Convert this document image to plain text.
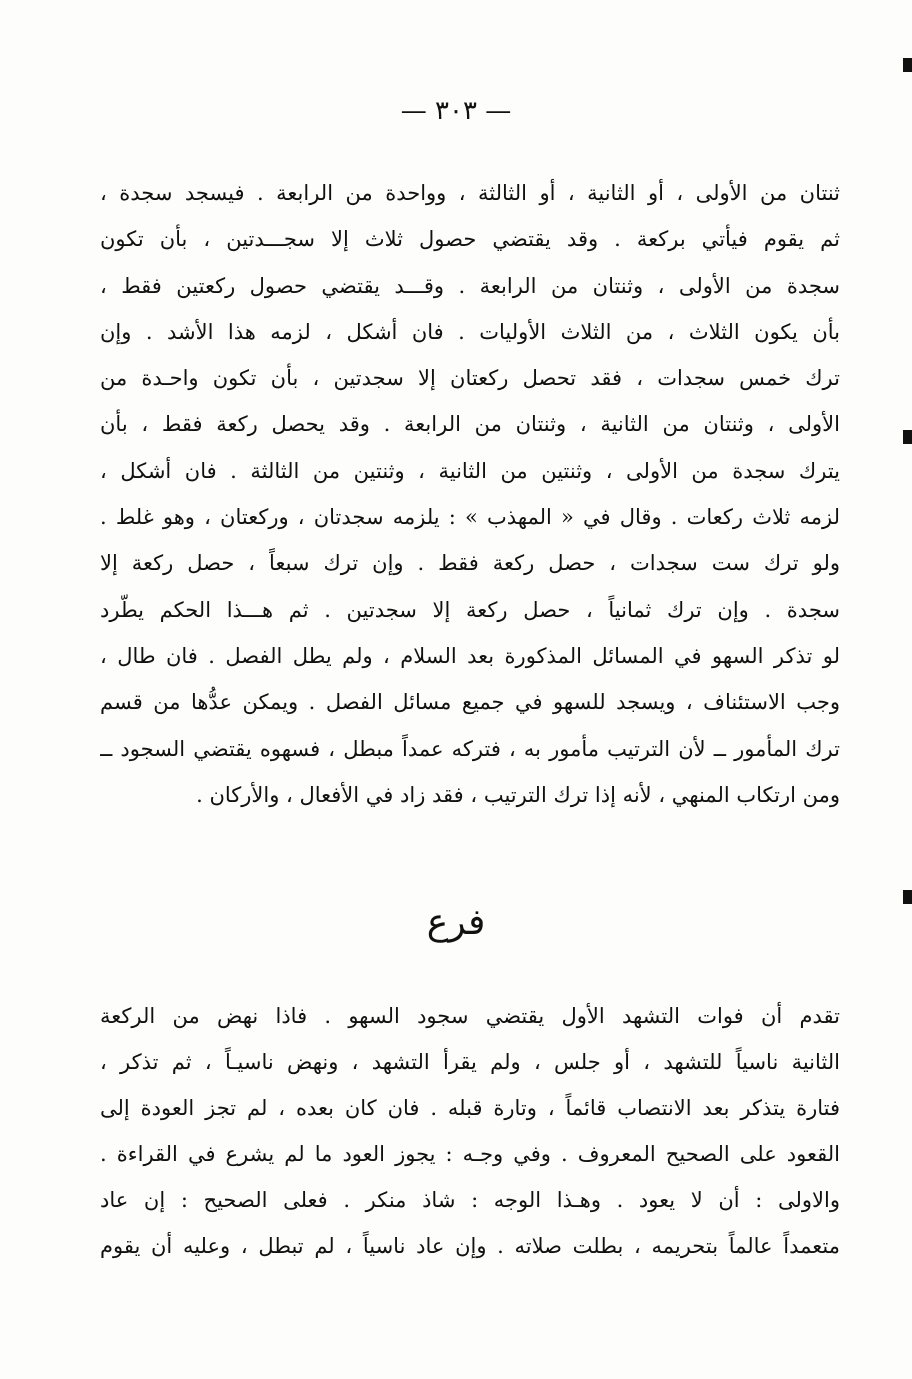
— ٣٠٣ —
ثنتان من الأولى ، أو الثانية ، أو الثالثة ، وواحدة من الرابعة . فيسجد سجدة ،
ثم يقوم فيأتي بركعة . وقد يقتضي حصول ثلاث إلا سجـــدتين ، بأن تكون
سجدة من الأولى ، وثنتان من الرابعة . وقـــد يقتضي حصول ركعتين فقط ،
بأن يكون الثلاث ، من الثلاث الأوليات . فان أشكل ، لزمه هذا الأشد . وإن
ترك خمس سجدات ، فقد تحصل ركعتان إلا سجدتين ، بأن تكون واحـدة من
الأولى ، وثنتان من الثانية ، وثنتان من الرابعة . وقد يحصل ركعة فقط ، بأن
يترك سجدة من الأولى ، وثنتين من الثانية ، وثنتين من الثالثة . فان أشكل ،
لزمه ثلاث ركعات . وقال في « المهذب » : يلزمه سجدتان ، وركعتان ، وهو غلط .
ولو ترك ست سجدات ، حصل ركعة فقط . وإن ترك سبعاً ، حصل ركعة إلا
سجدة . وإن ترك ثمانياً ، حصل ركعة إلا سجدتين . ثم هـــذا الحكم يطّرد
لو تذكر السهو في المسائل المذكورة بعد السلام ، ولم يطل الفصل . فان طال ،
وجب الاستئناف ، ويسجد للسهو في جميع مسائل الفصل . ويمكن عدُّها من قسم
ترك المأمور ــ لأن الترتيب مأمور به ، فتركه عمداً مبطل ، فسهوه يقتضي السجود ــ
ومن ارتكاب المنهي ، لأنه إذا ترك الترتيب ، فقد زاد في الأفعال ، والأركان .
فرع
تقدم أن فوات التشهد الأول يقتضي سجود السهو . فاذا نهض من الركعة
الثانية ناسياً للتشهد ، أو جلس ، ولم يقرأ التشهد ، ونهض ناسيـاً ، ثم تذكر ،
فتارة يتذكر بعد الانتصاب قائماً ، وتارة قبله . فان كان بعده ، لم تجز العودة إلى
القعود على الصحيح المعروف . وفي وجـه : يجوز العود ما لم يشرع في القراءة .
والاولى : أن لا يعود . وهـذا الوجه : شاذ منكر . فعلى الصحيح : إن عاد
متعمداً عالماً بتحريمه ، بطلت صلاته . وإن عاد ناسياً ، لم تبطل ، وعليه أن يقوم
